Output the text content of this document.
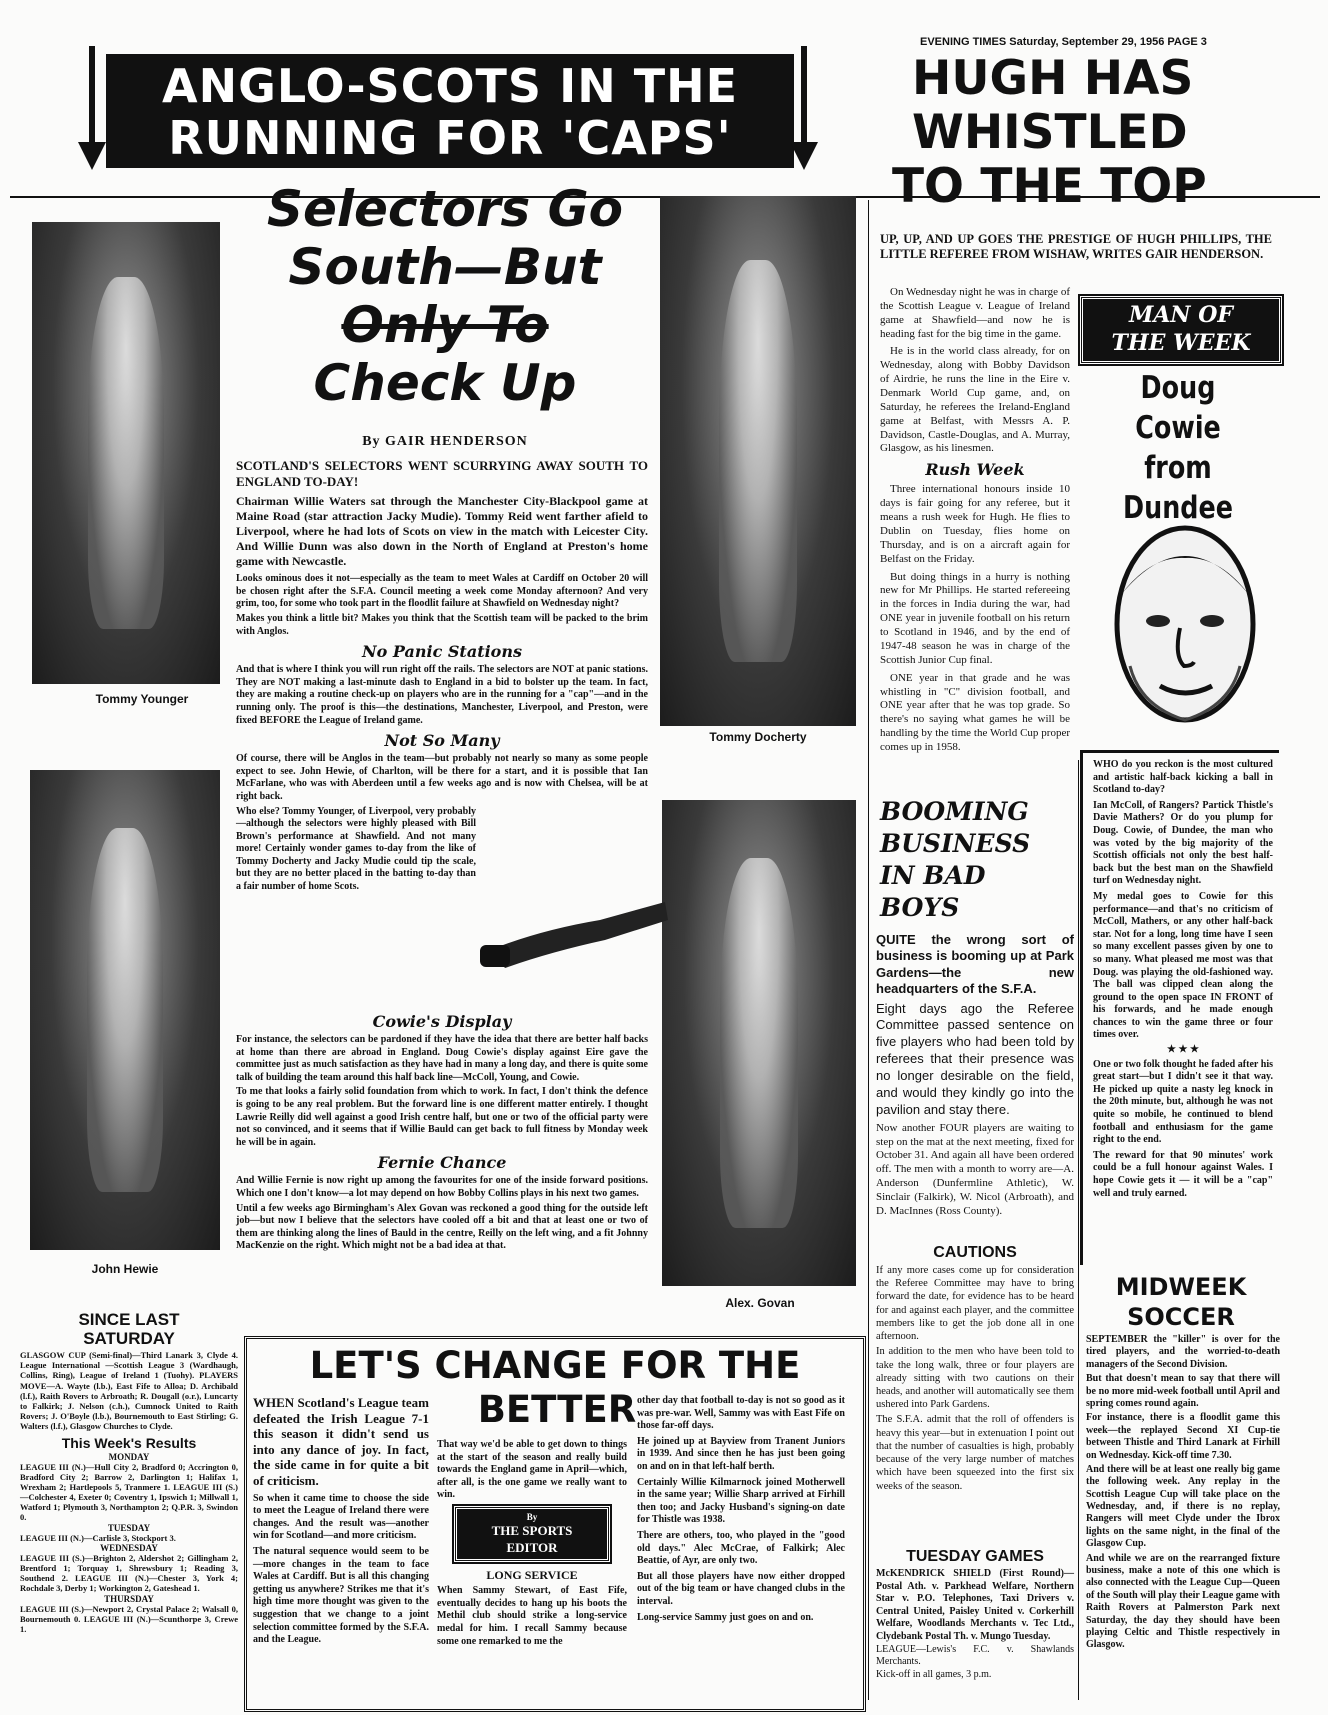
EVENING TIMES Saturday, September 29, 1956 PAGE 3
ANGLO-SCOTS IN THE
RUNNING FOR 'CAPS'
Tommy Younger
John Hewie
SINCE LAST
SATURDAY
GLASGOW CUP (Semi-final)—Third Lanark 3, Clyde 4. League International —Scottish League 3 (Wardhaugh, Collins, Ring), League of Ireland 1 (Tuohy). PLAYERS MOVE—A. Wayte (l.b.), East Fife to Alloa; D. Archibald (l.f.), Raith Rovers to Arbroath; R. Dougall (o.r.), Luncarty to Falkirk; J. Nelson (c.h.), Cumnock United to Raith Rovers; J. O'Boyle (l.b.), Bournemouth to East Stirling; G. Walters (l.f.), Glasgow Churches to Clyde.
This Week's Results
MONDAY
LEAGUE III (N.)—Hull City 2, Bradford 0; Accrington 0, Bradford City 2; Barrow 2, Darlington 1; Halifax 1, Wrexham 2; Hartlepools 5, Tranmere 1. LEAGUE III (S.)—Colchester 4, Exeter 0; Coventry 1, Ipswich 1; Millwall 1, Watford 1; Plymouth 3, Northampton 2; Q.P.R. 3, Swindon 0.
TUESDAY
LEAGUE III (N.)—Carlisle 3, Stockport 3.
WEDNESDAY
LEAGUE III (S.)—Brighton 2, Aldershot 2; Gillingham 2, Brentford 1; Torquay 1, Shrewsbury 1; Reading 3, Southend 2. LEAGUE III (N.)—Chester 3, York 4; Rochdale 3, Derby 1; Workington 2, Gateshead 1.
THURSDAY
LEAGUE III (S.)—Newport 2, Crystal Palace 2; Walsall 0, Bournemouth 0. LEAGUE III (N.)—Scunthorpe 3, Crewe 1.
Selectors Go
South—But
Only To
Check Up
By GAIR HENDERSON
SCOTLAND'S SELECTORS WENT SCURRYING AWAY SOUTH TO ENGLAND TO-DAY!
Chairman Willie Waters sat through the Manchester City-Blackpool game at Maine Road (star attraction Jacky Mudie). Tommy Reid went farther afield to Liverpool, where he had lots of Scots on view in the match with Leicester City. And Willie Dunn was also down in the North of England at Preston's home game with Newcastle.
Looks ominous does it not—especially as the team to meet Wales at Cardiff on October 20 will be chosen right after the S.F.A. Council meeting a week come Monday afternoon? And very grim, too, for some who took part in the floodlit failure at Shawfield on Wednesday night?
Makes you think a little bit? Makes you think that the Scottish team will be packed to the brim with Anglos.
No Panic Stations
And that is where I think you will run right off the rails. The selectors are NOT at panic stations. They are NOT making a last-minute dash to England in a bid to bolster up the team. In fact, they are making a routine check-up on players who are in the running for a "cap"—and in the running only. The proof is this—the destinations, Manchester, Liverpool, and Preston, were fixed BEFORE the League of Ireland game.
Not So Many
Of course, there will be Anglos in the team—but probably not nearly so many as some people expect to see. John Hewie, of Charlton, will be there for a start, and it is possible that Ian McFarlane, who was with Aberdeen until a few weeks ago and is now with Chelsea, will be at right back.
Who else? Tommy Younger, of Liverpool, very probably—although the selectors were highly pleased with Bill Brown's performance at Shawfield. And not many more! Certainly wonder games to-day from the like of Tommy Docherty and Jacky Mudie could tip the scale, but they are no better placed in the batting to-day than a fair number of home Scots.
Cowie's Display
For instance, the selectors can be pardoned if they have the idea that there are better half backs at home than there are abroad in England. Doug Cowie's display against Eire gave the committee just as much satisfaction as they have had in many a long day, and there is quite some talk of building the team around this half back line—McColl, Young, and Cowie.
To me that looks a fairly solid foundation from which to work. In fact, I don't think the defence is going to be any real problem. But the forward line is one different matter entirely. I thought Lawrie Reilly did well against a good Irish centre half, but one or two of the official party were not so convinced, and it seems that if Willie Bauld can get back to full fitness by Monday week he will be in again.
Fernie Chance
And Willie Fernie is now right up among the favourites for one of the inside forward positions. Which one I don't know—a lot may depend on how Bobby Collins plays in his next two games.
Until a few weeks ago Birmingham's Alex Govan was reckoned a good thing for the outside left job—but now I believe that the selectors have cooled off a bit and that at least one or two of them are thinking along the lines of Bauld in the centre, Reilly on the left wing, and a fit Johnny MacKenzie on the right. Which might not be a bad idea at that.
Tommy Docherty
Alex. Govan
LET'S CHANGE FOR THE
BETTER
WHEN Scotland's League team defeated the Irish League 7-1 this season it didn't send us into any dance of joy. In fact, the side came in for quite a bit of criticism.
So when it came time to choose the side to meet the League of Ireland there were changes. And the result was—another win for Scotland—and more criticism.
The natural sequence would seem to be—more changes in the team to face Wales at Cardiff. But is all this changing getting us anywhere? Strikes me that it's high time more thought was given to the suggestion that we change to a joint selection committee formed by the S.F.A. and the League.
That way we'd be able to get down to things at the start of the season and really build towards the England game in April—which, after all, is the one game we really want to win.
By
THE SPORTS
EDITOR
LONG SERVICE
When Sammy Stewart, of East Fife, eventually decides to hang up his boots the Methil club should strike a long-service medal for him. I recall Sammy because some one remarked to me the
other day that football to-day is not so good as it was pre-war. Well, Sammy was with East Fife on those far-off days.
He joined up at Bayview from Tranent Juniors in 1939. And since then he has just been going on and on in that left-half berth.
Certainly Willie Kilmarnock joined Motherwell in the same year; Willie Sharp arrived at Firhill then too; and Jacky Husband's signing-on date for Thistle was 1938.
There are others, too, who played in the "good old days." Alec McCrae, of Falkirk; Alec Beattie, of Ayr, are only two.
But all those players have now either dropped out of the big team or have changed clubs in the interval.
Long-service Sammy just goes on and on.
HUGH HAS
WHISTLED
TO THE TOP
UP, UP, AND UP GOES THE PRESTIGE OF HUGH PHILLIPS, THE LITTLE REFEREE FROM WISHAW, WRITES GAIR HENDERSON.

On Wednesday night he was in charge of the Scottish League v. League of Ireland game at Shawfield—and now he is heading fast for the big time in the game.

He is in the world class already, for on Wednesday, along with Bobby Davidson of Airdrie, he runs the line in the Eire v. Denmark World Cup game, and, on Saturday, he referees the Ireland-England game at Belfast, with Messrs A. P. Davidson, Castle-Douglas, and A. Murray, Glasgow, as his linesmen.

Rush Week

Three international honours inside 10 days is fair going for any referee, but it means a rush week for Hugh. He flies to Dublin on Tuesday, flies home on Thursday, and is on a aircraft again for Belfast on the Friday.

But doing things in a hurry is nothing new for Mr Phillips. He started refereeing in the forces in India during the war, had ONE year in juvenile football on his return to Scotland in 1946, and by the end of 1947-48 season he was in charge of the Scottish Junior Cup final.

ONE year in that grade and he was whistling in "C" division football, and ONE year after that he was top grade. So there's no saying what games he will be handling by the time the World Cup proper comes up in 1958.

MAN OF
THE WEEK
Doug Cowie
from
Dundee
WHO do you reckon is the most cultured and artistic half-back kicking a ball in Scotland to-day?
Ian McColl, of Rangers? Partick Thistle's Davie Mathers? Or do you plump for Doug. Cowie, of Dundee, the man who was voted by the big majority of the Scottish officials not only the best half-back but the best man on the Shawfield turf on Wednesday night.
My medal goes to Cowie for this performance—and that's no criticism of McColl, Mathers, or any other half-back star. Not for a long, long time have I seen so many excellent passes given by one to so many. What pleased me most was that Doug. was playing the old-fashioned way. The ball was clipped clean along the ground to the open space IN FRONT of his forwards, and he made enough chances to win the game three or four times over.
★ ★ ★
One or two folk thought he faded after his great start—but I didn't see it that way. He picked up quite a nasty leg knock in the 20th minute, but, although he was not quite so mobile, he continued to blend football and enthusiasm for the game right to the end.
The reward for that 90 minutes' work could be a full honour against Wales. I hope Cowie gets it — it will be a "cap" well and truly earned.
BOOMING
BUSINESS
IN BAD
BOYS
QUITE the wrong sort of business is booming up at Park Gardens—the new headquarters of the S.F.A.
Eight days ago the Referee Committee passed sentence on five players who had been told by referees that their presence was no longer desirable on the field, and would they kindly go into the pavilion and stay there.
Now another FOUR players are waiting to step on the mat at the next meeting, fixed for October 31. And again all have been ordered off. The men with a month to worry are—A. Anderson (Dunfermline Athletic), W. Sinclair (Falkirk), W. Nicol (Arbroath), and D. MacInnes (Ross County).
CAUTIONS
If any more cases come up for consideration the Referee Committee may have to bring forward the date, for evidence has to be heard for and against each player, and the committee members like to get the job done all in one afternoon.
In addition to the men who have been told to take the long walk, three or four players are already sitting with two cautions on their heads, and another will automatically see them ushered into Park Gardens.
The S.F.A. admit that the roll of offenders is heavy this year—but in extenuation I point out that the number of casualties is high, probably because of the very large number of matches which have been squeezed into the first six weeks of the season.
TUESDAY GAMES
McKENDRICK SHIELD (First Round)—Postal Ath. v. Parkhead Welfare, Northern Star v. P.O. Telephones, Taxi Drivers v. Central United, Paisley United v. Corkerhill Welfare, Woodlands Merchants v. Tec Ltd., Clydebank Postal Th. v. Mungo Tuesday.
LEAGUE—Lewis's F.C. v. Shawlands Merchants.
Kick-off in all games, 3 p.m.
MIDWEEK
SOCCER
SEPTEMBER the "killer" is over for the tired players, and the worried-to-death managers of the Second Division.
But that doesn't mean to say that there will be no more mid-week football until April and spring comes round again.
For instance, there is a floodlit game this week—the replayed Second XI Cup-tie between Thistle and Third Lanark at Firhill on Wednesday. Kick-off time 7.30.
And there will be at least one really big game the following week. Any replay in the Scottish League Cup will take place on the Wednesday, and, if there is no replay, Rangers will meet Clyde under the Ibrox lights on the same night, in the final of the Glasgow Cup.
And while we are on the rearranged fixture business, make a note of this one which is also connected with the League Cup—Queen of the South will play their League game with Raith Rovers at Palmerston Park next Saturday, the day they should have been playing Celtic and Thistle respectively in Glasgow.
